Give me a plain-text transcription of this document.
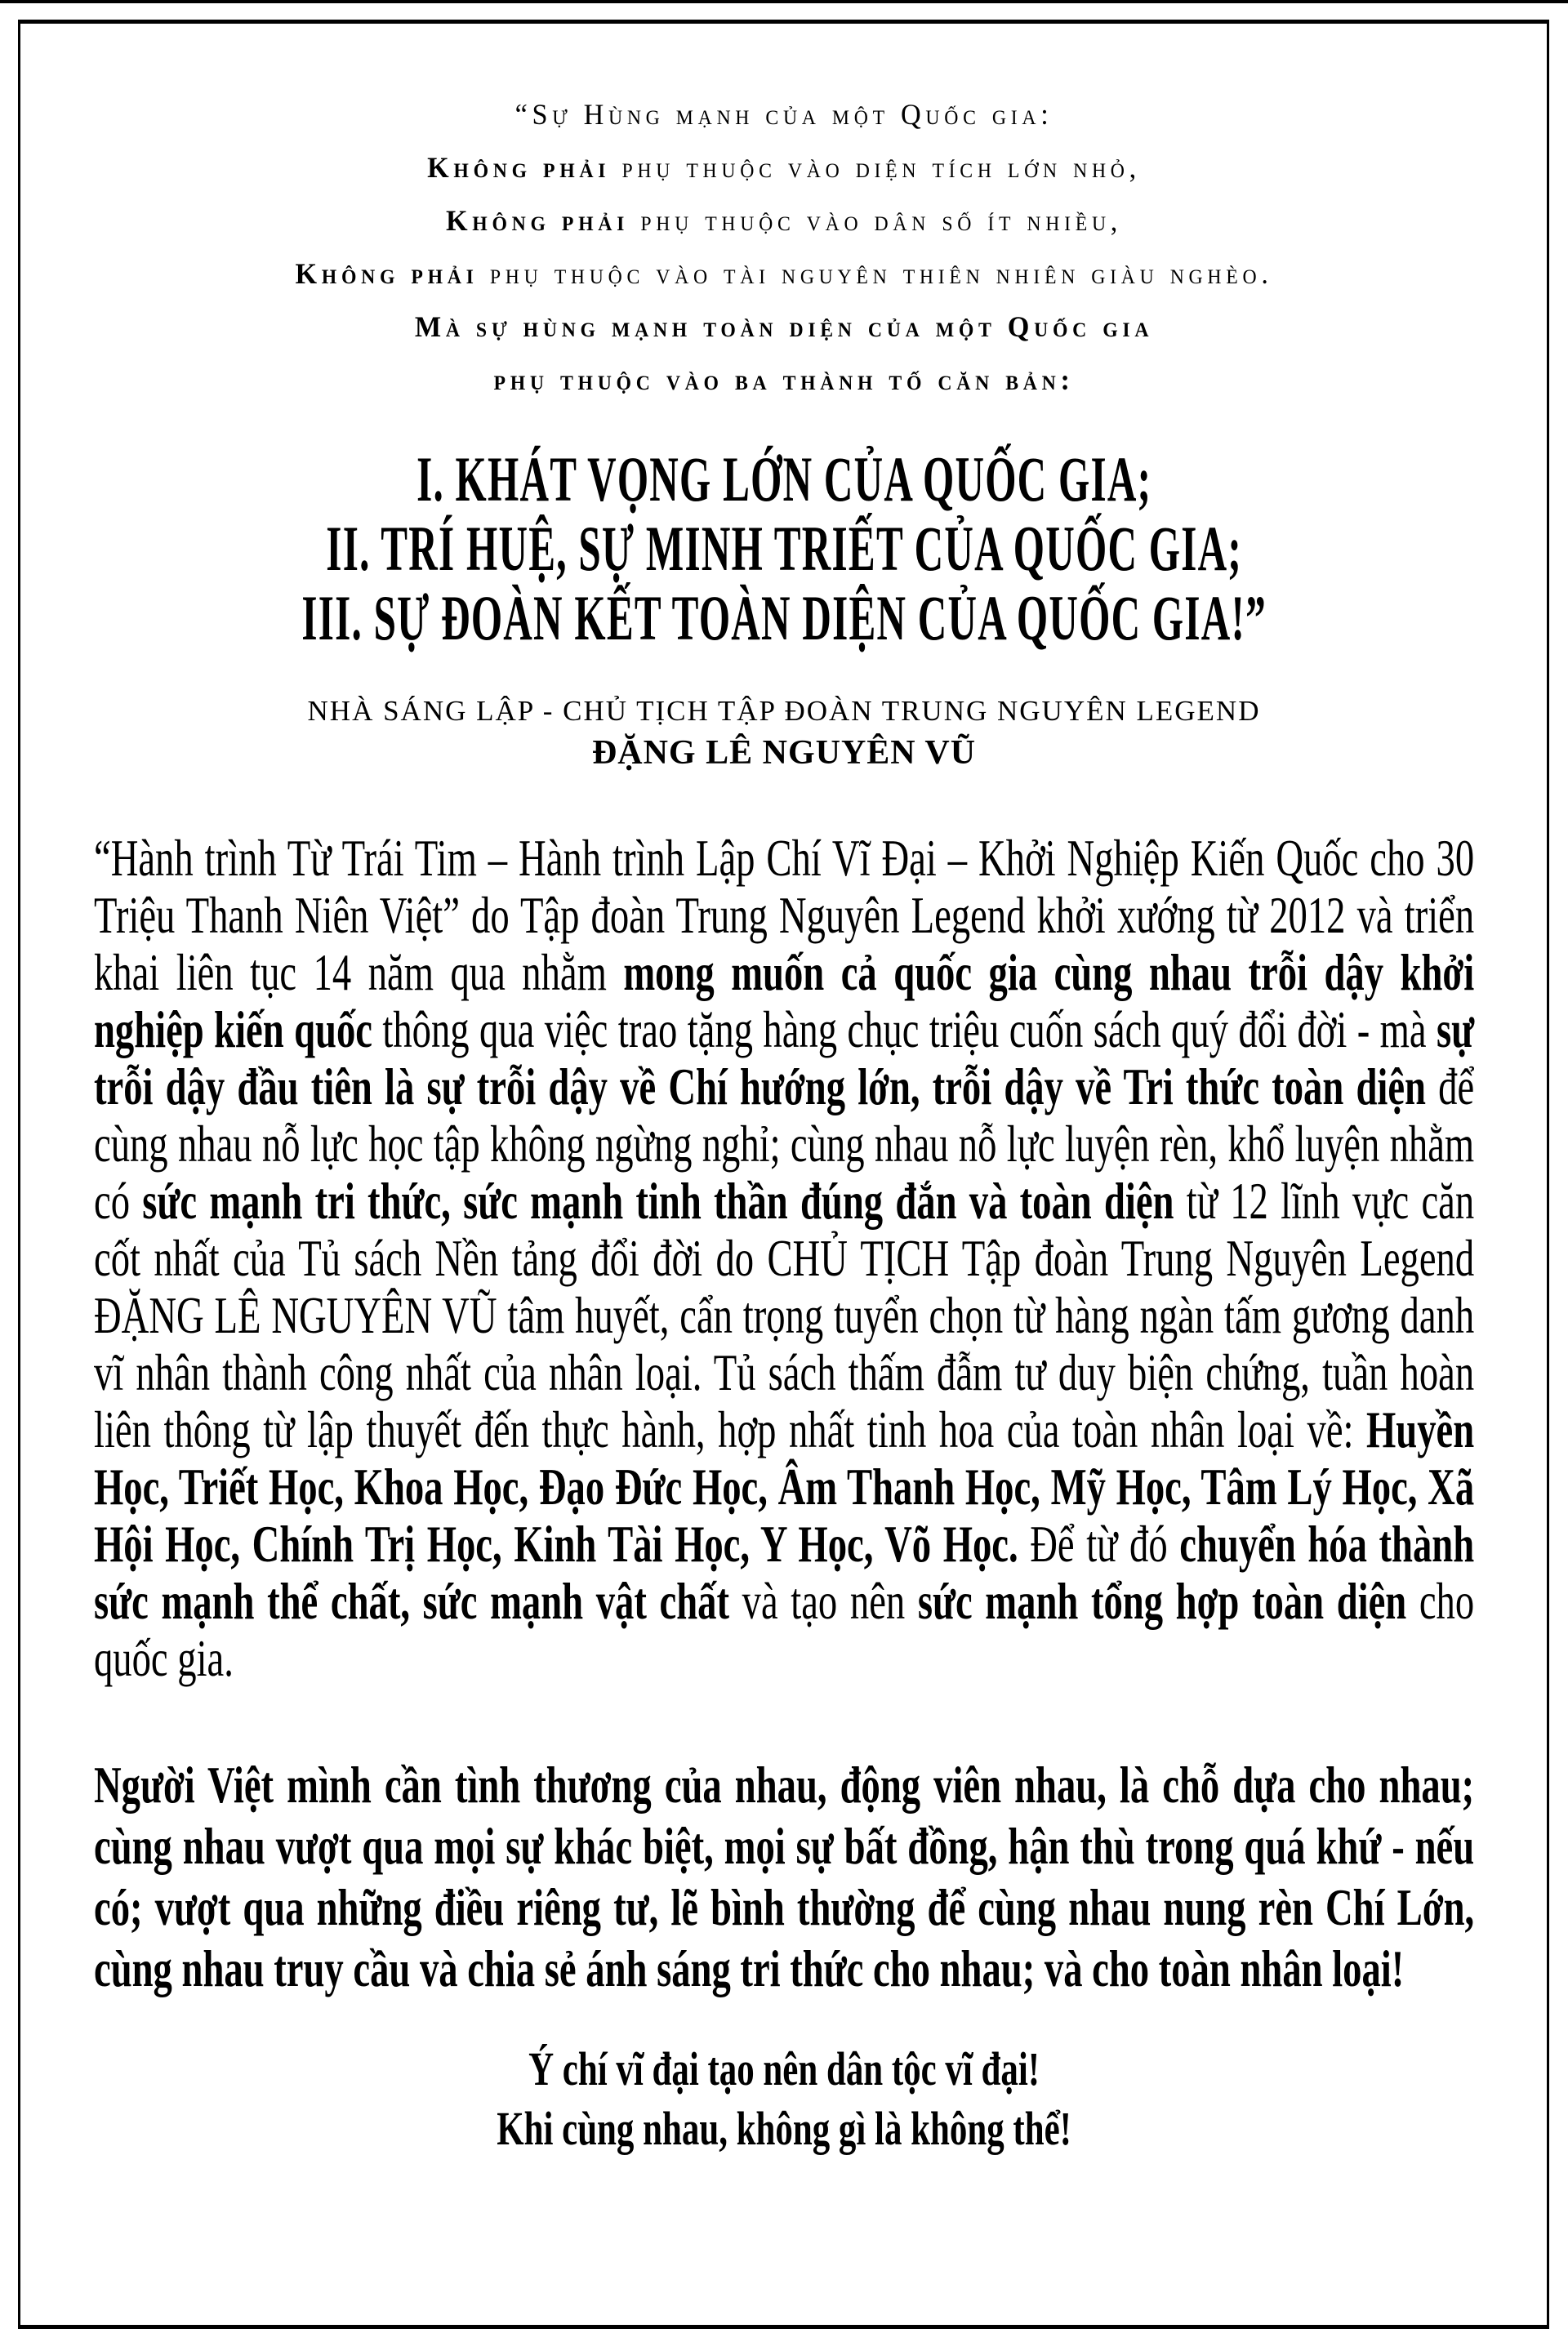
“Sự Hùng mạnh của một Quốc gia:
Không phải phụ thuộc vào diện tích lớn nhỏ,
Không phải phụ thuộc vào dân số ít nhiều,
Không phải phụ thuộc vào tài nguyên thiên nhiên giàu nghèo.
Mà sự hùng mạnh toàn diện của một Quốc gia
phụ thuộc vào ba thành tố căn bản:
I. KHÁT VỌNG LỚN CỦA QUỐC GIA;
II. TRÍ HUỆ, SỰ MINH TRIẾT CỦA QUỐC GIA;
III. SỰ ĐOÀN KẾT TOÀN DIỆN CỦA QUỐC GIA!”
NHÀ SÁNG LẬP - CHỦ TỊCH TẬP ĐOÀN TRUNG NGUYÊN LEGEND
ĐẶNG LÊ NGUYÊN VŨ

“Hành trình Từ Trái Tim – Hành trình Lập Chí Vĩ Đại – Khởi Nghiệp Kiến Quốc cho 30 Triệu Thanh Niên Việt” do Tập đoàn Trung Nguyên Legend khởi xướng từ 2012 và triển khai liên tục 14 năm qua nhằm mong muốn cả quốc gia cùng nhau trỗi dậy khởi nghiệp kiến quốc thông qua việc trao tặng hàng chục triệu cuốn sách quý đổi đời - mà sự trỗi dậy đầu tiên là sự trỗi dậy về Chí hướng lớn, trỗi dậy về Tri thức toàn diện để cùng nhau nỗ lực học tập không ngừng nghỉ; cùng nhau nỗ lực luyện rèn, khổ luyện nhằm có sức mạnh tri thức, sức mạnh tinh thần đúng đắn và toàn diện từ 12 lĩnh vực căn cốt nhất của Tủ sách Nền tảng đổi đời do CHỦ TỊCH Tập đoàn Trung Nguyên Legend ĐẶNG LÊ NGUYÊN VŨ tâm huyết, cẩn trọng tuyển chọn từ hàng ngàn tấm gương danh vĩ nhân thành công nhất của nhân loại. Tủ sách thấm đẫm tư duy biện chứng, tuần hoàn liên thông từ lập thuyết đến thực hành, hợp nhất tinh hoa của toàn nhân loại về: Huyền Học, Triết Học, Khoa Học, Đạo Đức Học, Âm Thanh Học, Mỹ Học, Tâm Lý Học, Xã Hội Học, Chính Trị Học, Kinh Tài Học, Y Học, Võ Học. Để từ đó chuyển hóa thành sức mạnh thể chất, sức mạnh vật chất và tạo nên sức mạnh tổng hợp toàn diện cho quốc gia.

Người Việt mình cần tình thương của nhau, động viên nhau, là chỗ dựa cho nhau; cùng nhau vượt qua mọi sự khác biệt, mọi sự bất đồng, hận thù trong quá khứ - nếu có; vượt qua những điều riêng tư, lẽ bình thường để cùng nhau nung rèn Chí Lớn, cùng nhau truy cầu và chia sẻ ánh sáng tri thức cho nhau; và cho toàn nhân loại!

Ý chí vĩ đại tạo nên dân tộc vĩ đại!
Khi cùng nhau, không gì là không thể!
